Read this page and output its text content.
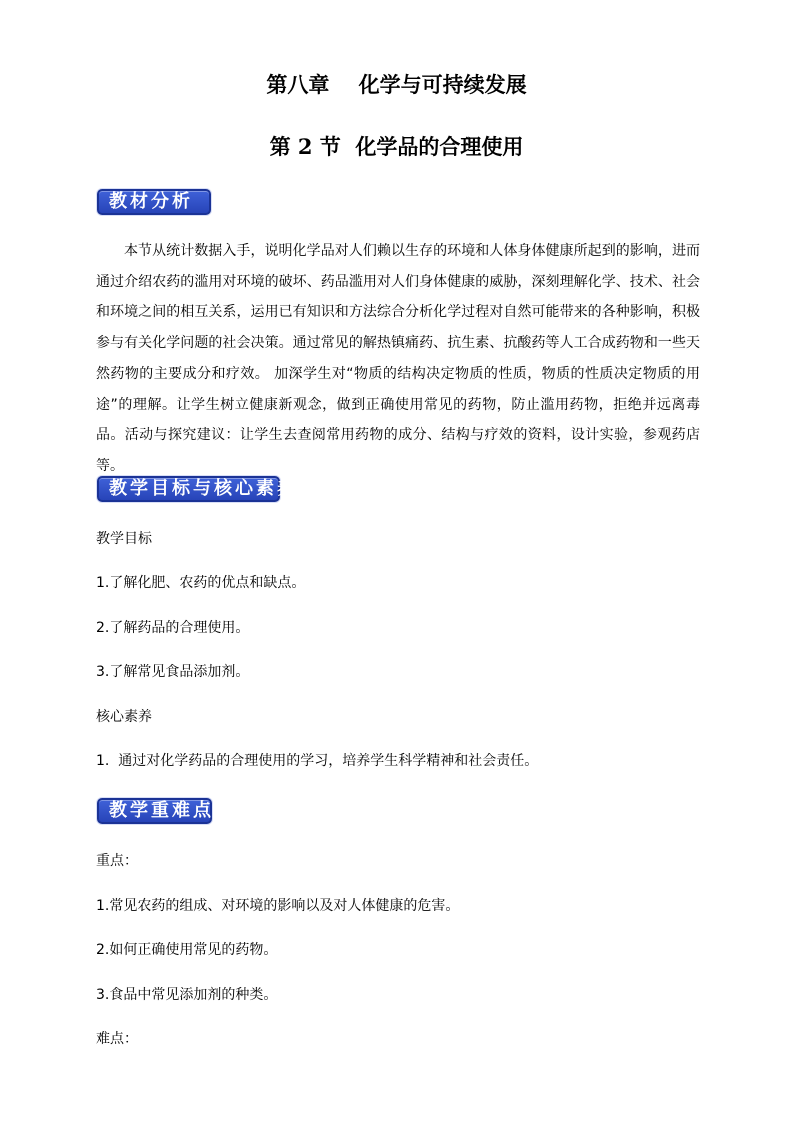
第八章    化学与可持续发展
第 2 节  化学品的合理使用
教材分析
本节从统计数据入手，说明化学品对人们赖以生存的环境和人体身体健康所起到的影响，进而通过介绍农药的滥用对环境的破坏、药品滥用对人们身体健康的威胁，深刻理解化学、技术、社会和环境之间的相互关系，运用已有知识和方法综合分析化学过程对自然可能带来的各种影响，积极参与有关化学问题的社会决策。通过常见的解热镇痛药、抗生素、抗酸药等人工合成药物和一些天然药物的主要成分和疗效。 加深学生对“物质的结构决定物质的性质，物质的性质决定物质的用途”的理解。让学生树立健康新观念，做到正确使用常见的药物，防止滥用药物，拒绝并远离毒品。活动与探究建议：让学生去查阅常用药物的成分、结构与疗效的资料，设计实验，参观药店等。
教学目标与核心素养
教学目标
1.了解化肥、农药的优点和缺点。
2.了解药品的合理使用。
3.了解常见食品添加剂。
核心素养
1.  通过对化学药品的合理使用的学习，培养学生科学精神和社会责任。
教学重难点
重点：
1.常见农药的组成、对环境的影响以及对人体健康的危害。
2.如何正确使用常见的药物。
3.食品中常见添加剂的种类。
难点：
